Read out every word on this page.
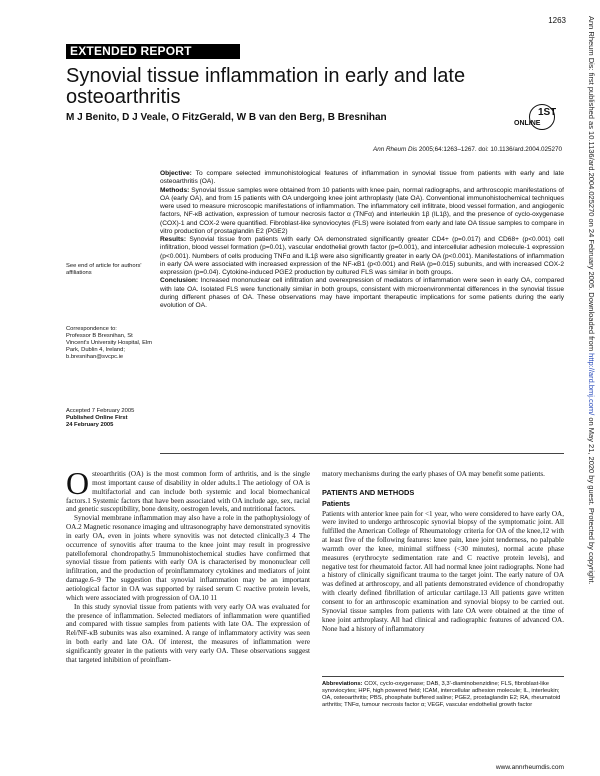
1263
EXTENDED REPORT
Synovial tissue inflammation in early and late osteoarthritis
M J Benito, D J Veale, O FitzGerald, W B van den Berg, B Bresnihan	1ST
ONLINE
Ann Rheum Dis 2005;64:1263–1267. doi: 10.1136/ard.2004.025270

Objective: To compare selected immunohistological features of inflammation in synovial tissue from patients with early and late osteoarthritis (OA).

Methods: Synovial tissue samples were obtained from 10 patients with knee pain, normal radiographs, and arthroscopic manifestations of OA (early OA), and from 15 patients with OA undergoing knee joint arthroplasty (late OA). Conventional immunohistochemical techniques were used to measure microscopic manifestations of inflammation. The inflammatory cell infiltrate, blood vessel formation, and angiogenic factors, NF-κB activation, expression of tumour necrosis factor α (TNFα) and interleukin 1β (IL1β), and the presence of cyclo-oxygenase (COX)-1 and COX-2 were quantified. Fibroblast-like synoviocytes (FLS) were isolated from early and late OA tissue samples to compare in vitro production of prostaglandin E2 (PGE2)

Results: Synovial tissue from patients with early OA demonstrated significantly greater CD4+ (p=0.017) and CD68+ (p<0.001) cell infiltration, blood vessel formation (p=0.01), vascular endothelial growth factor (p=0.001), and intercellular adhesion molecule-1 expression (p<0.001). Numbers of cells producing TNFα and IL1β were also significantly greater in early OA (p<0.001). Manifestations of inflammation in early OA were associated with increased expression of the NF-κB1 (p<0.001) and RelA (p=0.015) subunits, and with increased COX-2 expression (p=0.04). Cytokine-induced PGE2 production by cultured FLS was similar in both groups.

Conclusion: Increased mononuclear cell infiltration and overexpression of mediators of inflammation were seen in early OA, compared with late OA. Isolated FLS were functionally similar in both groups, consistent with microenvironmental differences in the synovial tissue during different phases of OA. These observations may have important therapeutic implications for some patients during the early evolution of OA.

See end of article for authors' affiliations
Correspondence to:
Professor B Bresnihan, St Vincent's University Hospital, Elm Park, Dublin 4, Ireland; b.bresnihan@svcpc.ie
Accepted 7 February 2005
Published Online First
24 February 2005

Osteoarthritis (OA) is the most common form of arthritis, and is the single most important cause of disability in older adults.1 The aetiology of OA is multifactorial and can include both systemic and local biomechanical factors.1 Systemic factors that have been associated with OA include age, sex, racial and genetic susceptibility, bone density, oestrogen levels, and nutritional factors.

Synovial membrane inflammation may also have a role in the pathophysiology of OA.2 Magnetic resonance imaging and ultrasonography have demonstrated synovitis in early OA, even in joints where synovitis was not detected clinically.3 4 The occurrence of synovitis after trauma to the knee joint may result in progressive patellofemoral chondropathy.5 Immunohistochemical studies have confirmed that synovial tissue from patients with early OA is characterised by mononuclear cell infiltration, and the production of proinflammatory cytokines and mediators of joint damage.6–9 The suggestion that synovial inflammation may be an important aetiological factor in OA was supported by raised serum C reactive protein levels, which were associated with progression of OA.10 11

In this study synovial tissue from patients with very early OA was evaluated for the presence of inflammation. Selected mediators of inflammation were quantified and compared with tissue samples from patients with late OA. The expression of Rel/NF-κB subunits was also examined. A range of inflammatory activity was seen in both early and late OA. Of interest, the measures of inflammation were significantly greater in the patients with very early OA. These observations suggest that targeted inhibition of proinflam-

matory mechanisms during the early phases of OA may benefit some patients.

PATIENTS AND METHODS
Patients

Patients with anterior knee pain for <1 year, who were considered to have early OA, were invited to undergo arthroscopic synovial biopsy of the symptomatic joint. All fulfilled the American College of Rheumatology criteria for OA of the knee,12 with at least five of the following features: knee pain, knee joint tenderness, no palpable warmth over the knee, minimal stiffness (<30 minutes), normal acute phase measures (erythrocyte sedimentation rate and C reactive protein levels), and negative test for rheumatoid factor. All had normal knee joint radiographs. None had a history of clinically significant trauma to the target joint. The early nature of OA was defined at arthroscopy, and all patients demonstrated evidence of chondropathy with clearly defined fibrillation of articular cartilage.13 All patients gave written consent to for an arthroscopic examination and synovial biopsy to be carried out. Synovial tissue samples from patients with late OA were obtained at the time of knee joint arthroplasty. All had clinical and radiographic features of advanced OA. None had a history of inflammatory

Abbreviations: COX, cyclo-oxygenase; DAB, 3,3′-diaminobenzidine; FLS, fibroblast-like synoviocytes; HPF, high powered field; ICAM, intercellular adhesion molecule; IL, interleukin; OA, osteoarthritis; PBS, phosphate buffered saline; PGE2, prostaglandin E2; RA, rheumatoid arthritis; TNFα, tumour necrosis factor α; VEGF, vascular endothelial growth factor
www.annrheumdis.com
Ann Rheum Dis: first published as 10.1136/ard.2004.025270 on 24 February 2005. Downloaded from http://ard.bmj.com/ on May 21, 2020 by guest. Protected by copyright.
